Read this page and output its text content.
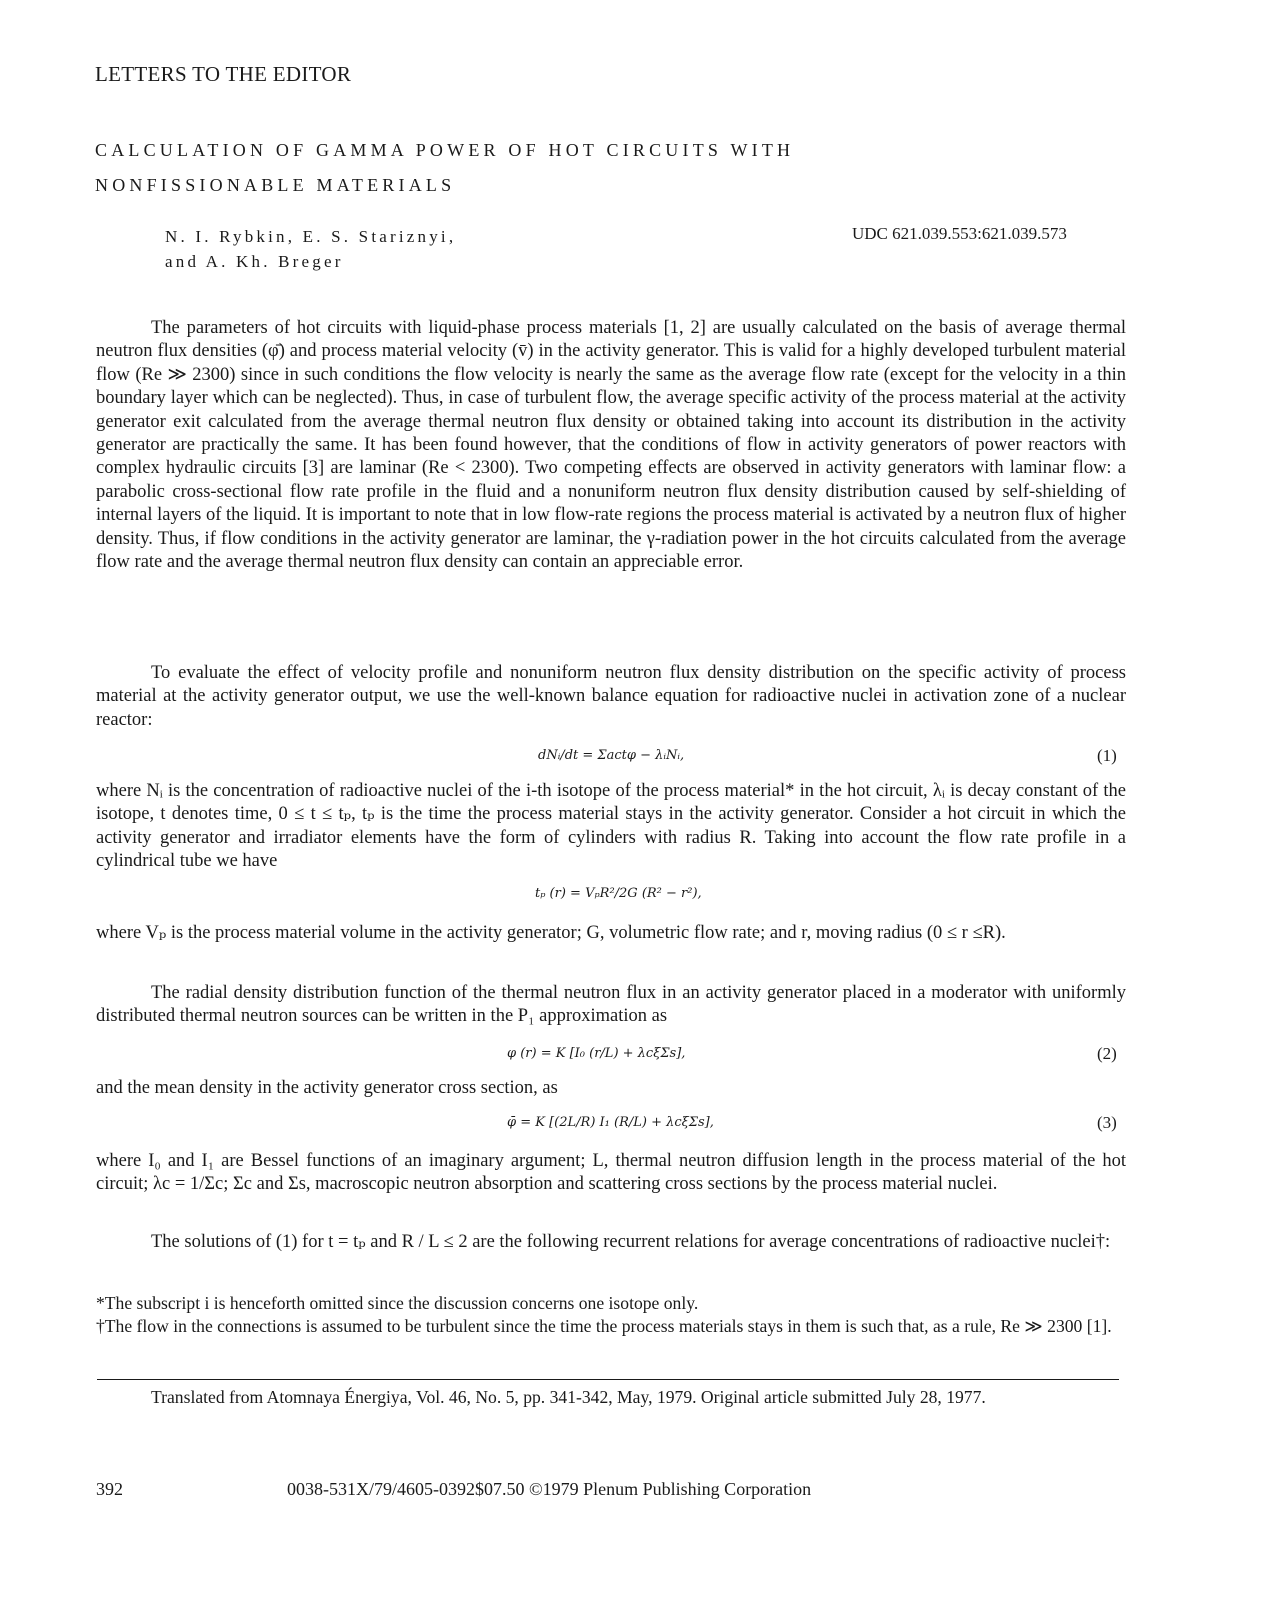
LETTERS TO THE EDITOR
CALCULATION OF GAMMA POWER OF HOT CIRCUITS WITH
NONFISSIONABLE MATERIALS
N. I. Rybkin, E. S. Stariznyi,
and A. Kh. Breger
UDC 621.039.553:621.039.573
The parameters of hot circuits with liquid-phase process materials [1, 2] are usually calculated on the basis of average thermal neutron flux densities (φ̄) and process material velocity (v̄) in the activity generator. This is valid for a highly developed turbulent material flow (Re ≫ 2300) since in such conditions the flow velocity is nearly the same as the average flow rate (except for the velocity in a thin boundary layer which can be neglected). Thus, in case of turbulent flow, the average specific activity of the process material at the activity generator exit calculated from the average thermal neutron flux density or obtained taking into account its distribution in the activity generator are practically the same. It has been found however, that the conditions of flow in activity generators of power reactors with complex hydraulic circuits [3] are laminar (Re < 2300). Two competing effects are observed in activity generators with laminar flow: a parabolic cross-sectional flow rate profile in the fluid and a nonuniform neutron flux density distribution caused by self-shielding of internal layers of the liquid. It is important to note that in low flow-rate regions the process material is activated by a neutron flux of higher density. Thus, if flow conditions in the activity generator are laminar, the γ-radiation power in the hot circuits calculated from the average flow rate and the average thermal neutron flux density can contain an appreciable error.
To evaluate the effect of velocity profile and nonuniform neutron flux density distribution on the specific activity of process material at the activity generator output, we use the well-known balance equation for radioactive nuclei in activation zone of a nuclear reactor:
dNᵢ/dt = Σactφ − λᵢNᵢ,	(1)
where Nᵢ is the concentration of radioactive nuclei of the i-th isotope of the process material* in the hot circuit, λᵢ is decay constant of the isotope, t denotes time, 0 ≤ t ≤ tₚ, tₚ is the time the process material stays in the activity generator. Consider a hot circuit in which the activity generator and irradiator elements have the form of cylinders with radius R. Taking into account the flow rate profile in a cylindrical tube we have
tₚ (r) = VₚR²/2G (R² − r²),
where Vₚ is the process material volume in the activity generator; G, volumetric flow rate; and r, moving radius (0 ≤ r ≤R).
The radial density distribution function of the thermal neutron flux in an activity generator placed in a moderator with uniformly distributed thermal neutron sources can be written in the P₁ approximation as
φ (r) = K [I₀ (r/L) + λcξΣs],	(2)
and the mean density in the activity generator cross section, as
φ̄ = K [(2L/R) I₁ (R/L) + λcξΣs],	(3)
where I₀ and I₁ are Bessel functions of an imaginary argument; L, thermal neutron diffusion length in the process material of the hot circuit; λc = 1/Σc; Σc and Σs, macroscopic neutron absorption and scattering cross sections by the process material nuclei.
The solutions of (1) for t = tₚ and R / L ≤ 2 are the following recurrent relations for average concentrations of radioactive nuclei†:
*The subscript i is henceforth omitted since the discussion concerns one isotope only.
†The flow in the connections is assumed to be turbulent since the time the process materials stays in them is such that, as a rule, Re ≫ 2300 [1].
Translated from Atomnaya Énergiya, Vol. 46, No. 5, pp. 341-342, May, 1979. Original article submitted July 28, 1977.
392	0038-531X/79/4605-0392$07.50 ©1979 Plenum Publishing Corporation
